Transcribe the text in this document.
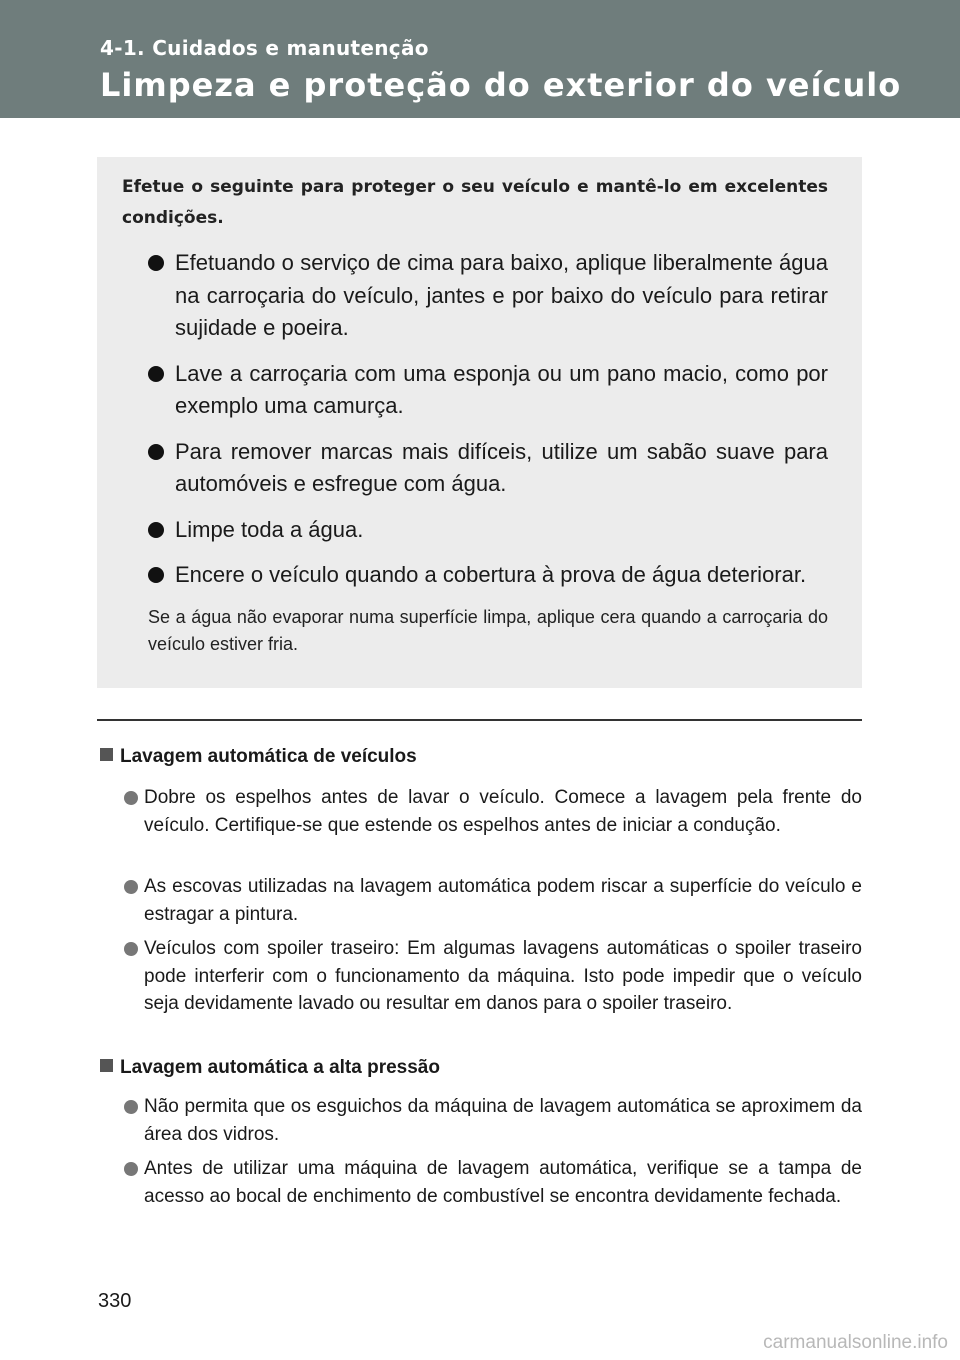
4-1. Cuidados e manutenção
Limpeza e proteção do exterior do veículo
Efetue o seguinte para proteger o seu veículo e mantê-lo em excelentes condições.
Efetuando o serviço de cima para baixo, aplique liberalmente água na carroçaria do veículo, jantes e por baixo do veículo para retirar sujidade e poeira.
Lave a carroçaria com uma esponja ou um pano macio, como por exemplo uma camurça.
Para remover marcas mais difíceis, utilize um sabão suave para automóveis e esfregue com água.
Limpe toda a água.
Encere o veículo quando a cobertura à prova de água deteriorar.
Se a água não evaporar numa superfície limpa, aplique cera quando a carroçaria do veículo estiver fria.
Lavagem automática de veículos
Dobre os espelhos antes de lavar o veículo. Comece a lavagem pela frente do veículo. Certifique-se que estende os espelhos antes de iniciar a condução.
As escovas utilizadas na lavagem automática podem riscar a superfície do veículo e estragar a pintura.
Veículos com spoiler traseiro: Em algumas lavagens automáticas o spoiler traseiro pode interferir com o funcionamento da máquina. Isto pode impedir que o veículo seja devidamente lavado ou resultar em danos para o spoiler traseiro.
Lavagem automática a alta pressão
Não permita que os esguichos da máquina de lavagem automática se aproximem da área dos vidros.
Antes de utilizar uma máquina de lavagem automática, verifique se a tampa de acesso ao bocal de enchimento de combustível se encontra devidamente fechada.
330
carmanualsonline.info
